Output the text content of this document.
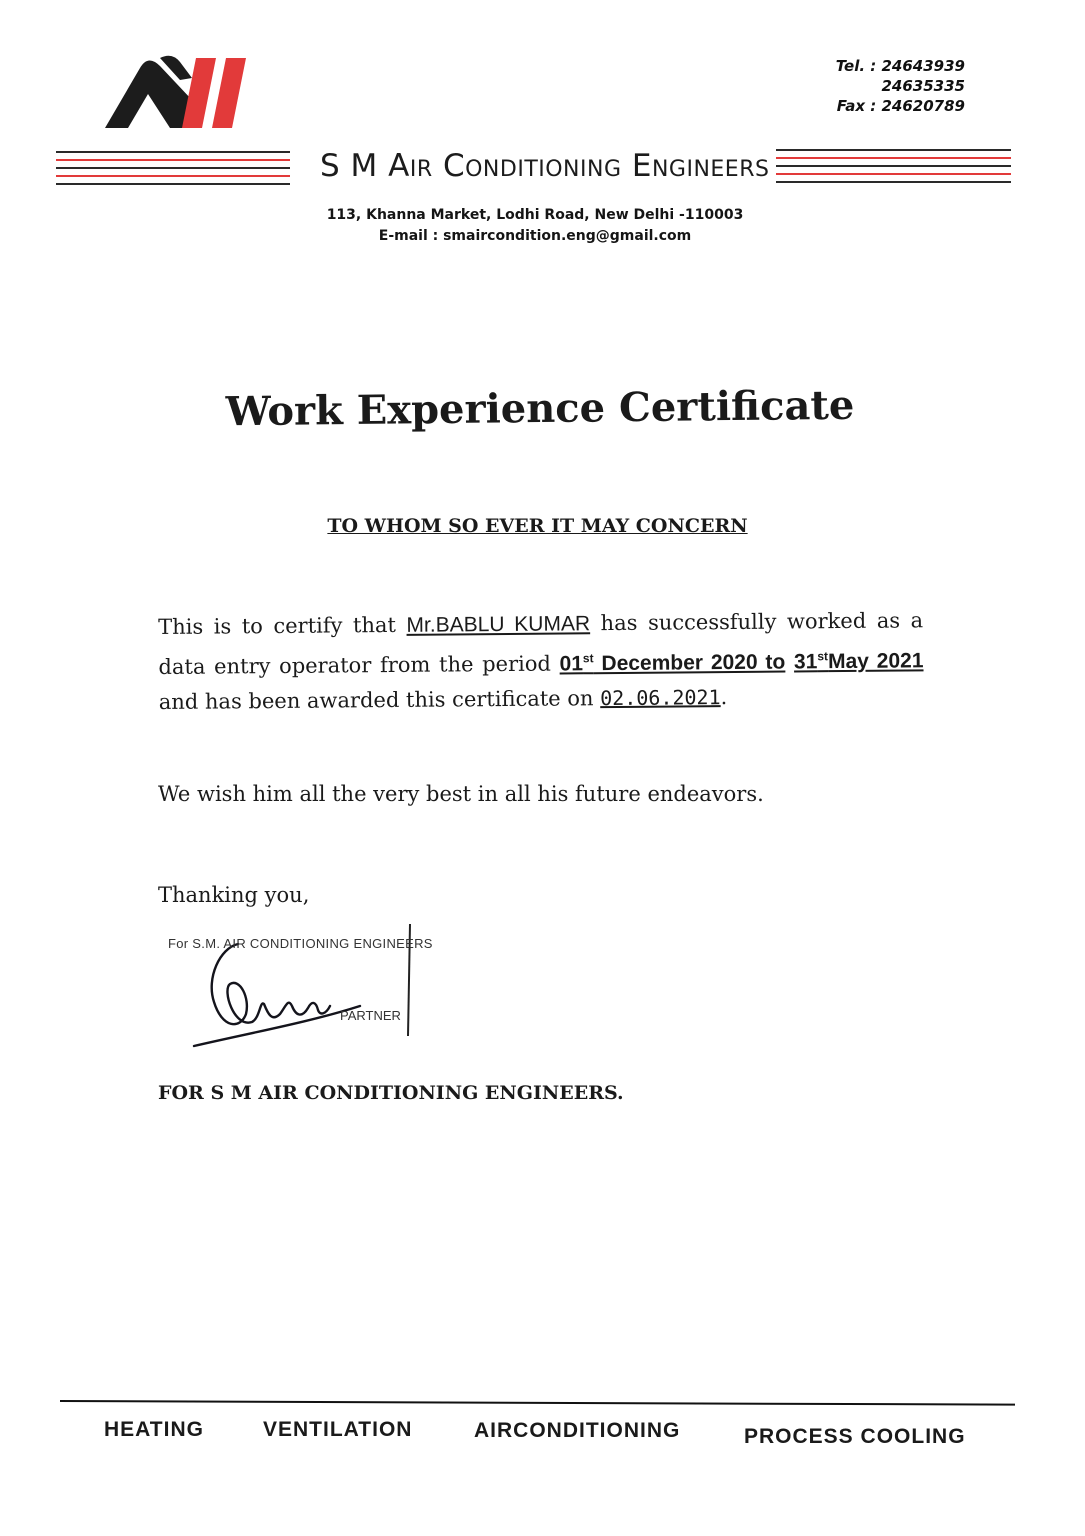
Tel. : 24643939
24635335
Fax : 24620789
S M Air Conditioning Engineers
113, Khanna Market, Lodhi Road, New Delhi -110003
E-mail : smaircondition.eng@gmail.com
Work Experience Certificate
TO WHOM SO EVER IT MAY CONCERN
This is to certify that Mr.BABLU KUMAR has successfully worked as a data entry operator from the period 01st December 2020 to 31stMay 2021 and has been awarded this certificate on 02.06.2021.
We wish him all the very best in all his future endeavors.
Thanking you,
For S.M. AIR CONDITIONING ENGINEERS
PARTNER
FOR S M AIR CONDITIONING ENGINEERS.
HEATING	VENTILATION	AIRCONDITIONING	PROCESS COOLING
